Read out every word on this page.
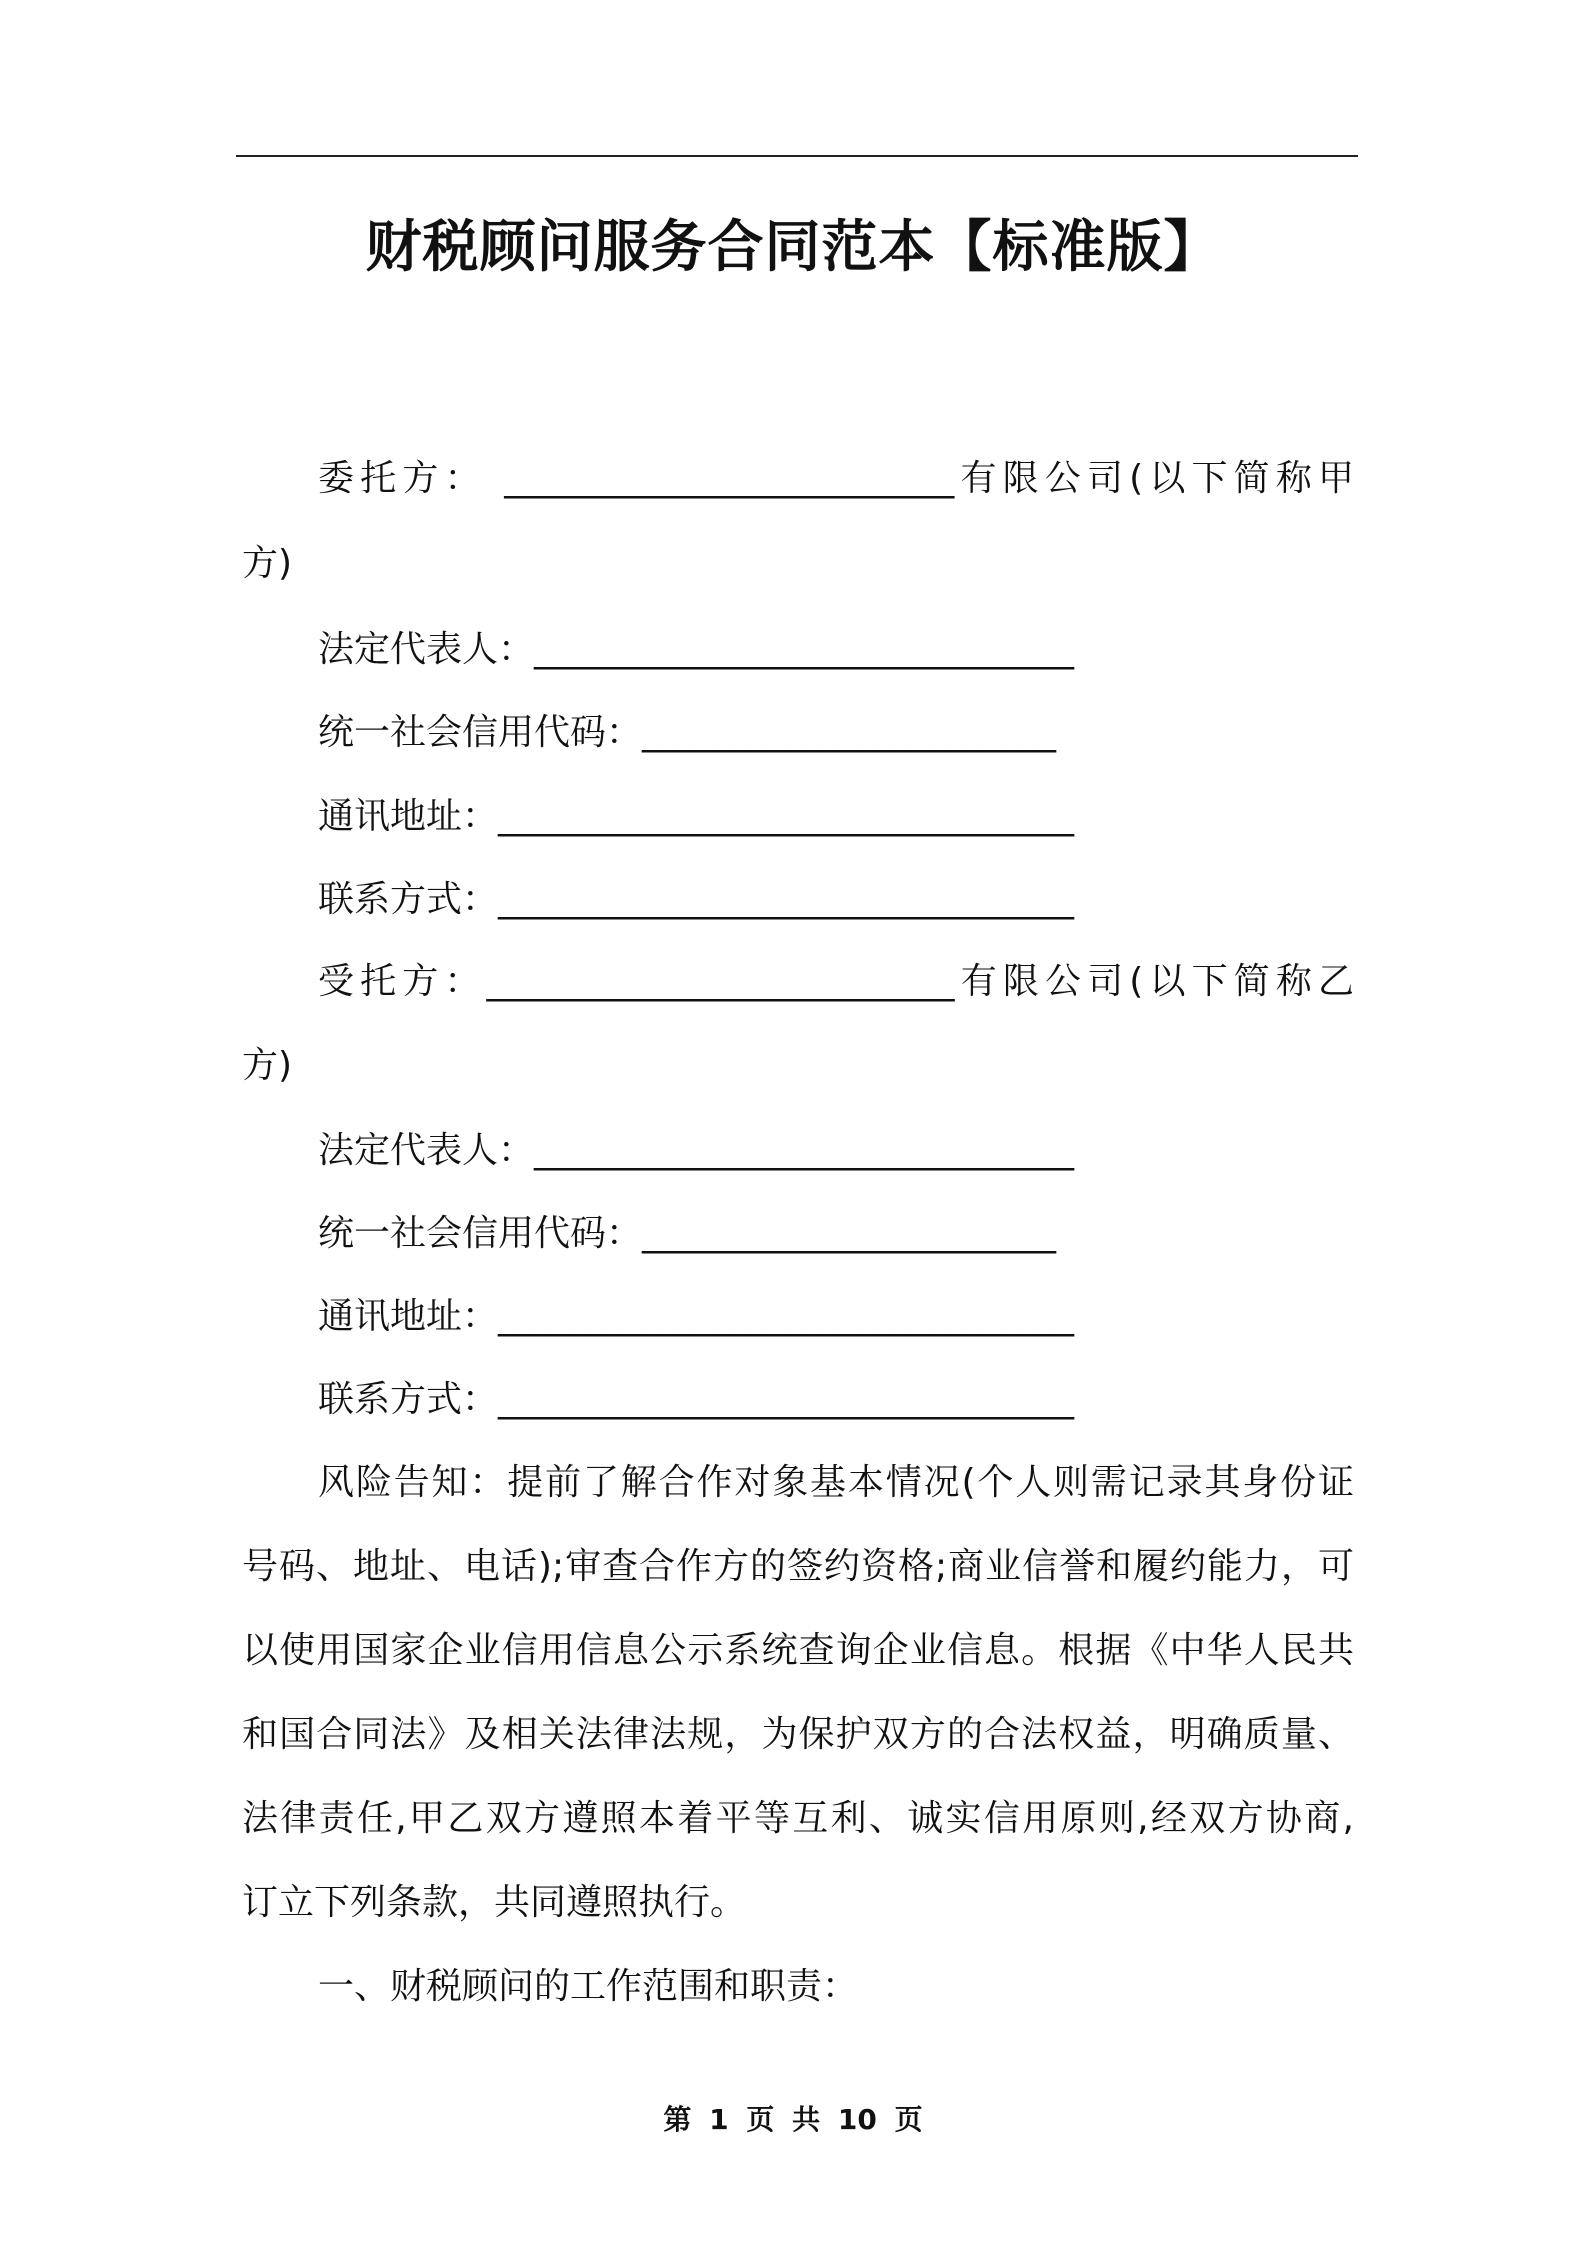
财税顾问服务合同范本【标准版】
委托方： _________________________有限公司(以下简称甲
方)
法定代表人：______________________________
统一社会信用代码：_______________________
通讯地址：________________________________
联系方式：________________________________
受托方：__________________________有限公司(以下简称乙
方)
法定代表人：______________________________
统一社会信用代码：_______________________
通讯地址：________________________________
联系方式：________________________________
风险告知：提前了解合作对象基本情况(个人则需记录其身份证
号码、地址、电话);审查合作方的签约资格;商业信誉和履约能力，可
以使用国家企业信用信息公示系统查询企业信息。根据《中华人民共
和国合同法》及相关法律法规，为保护双方的合法权益，明确质量、
法律责任,甲乙双方遵照本着平等互利、诚实信用原则,经双方协商,
订立下列条款，共同遵照执行。
一、财税顾问的工作范围和职责：
第 1 页 共 10 页
